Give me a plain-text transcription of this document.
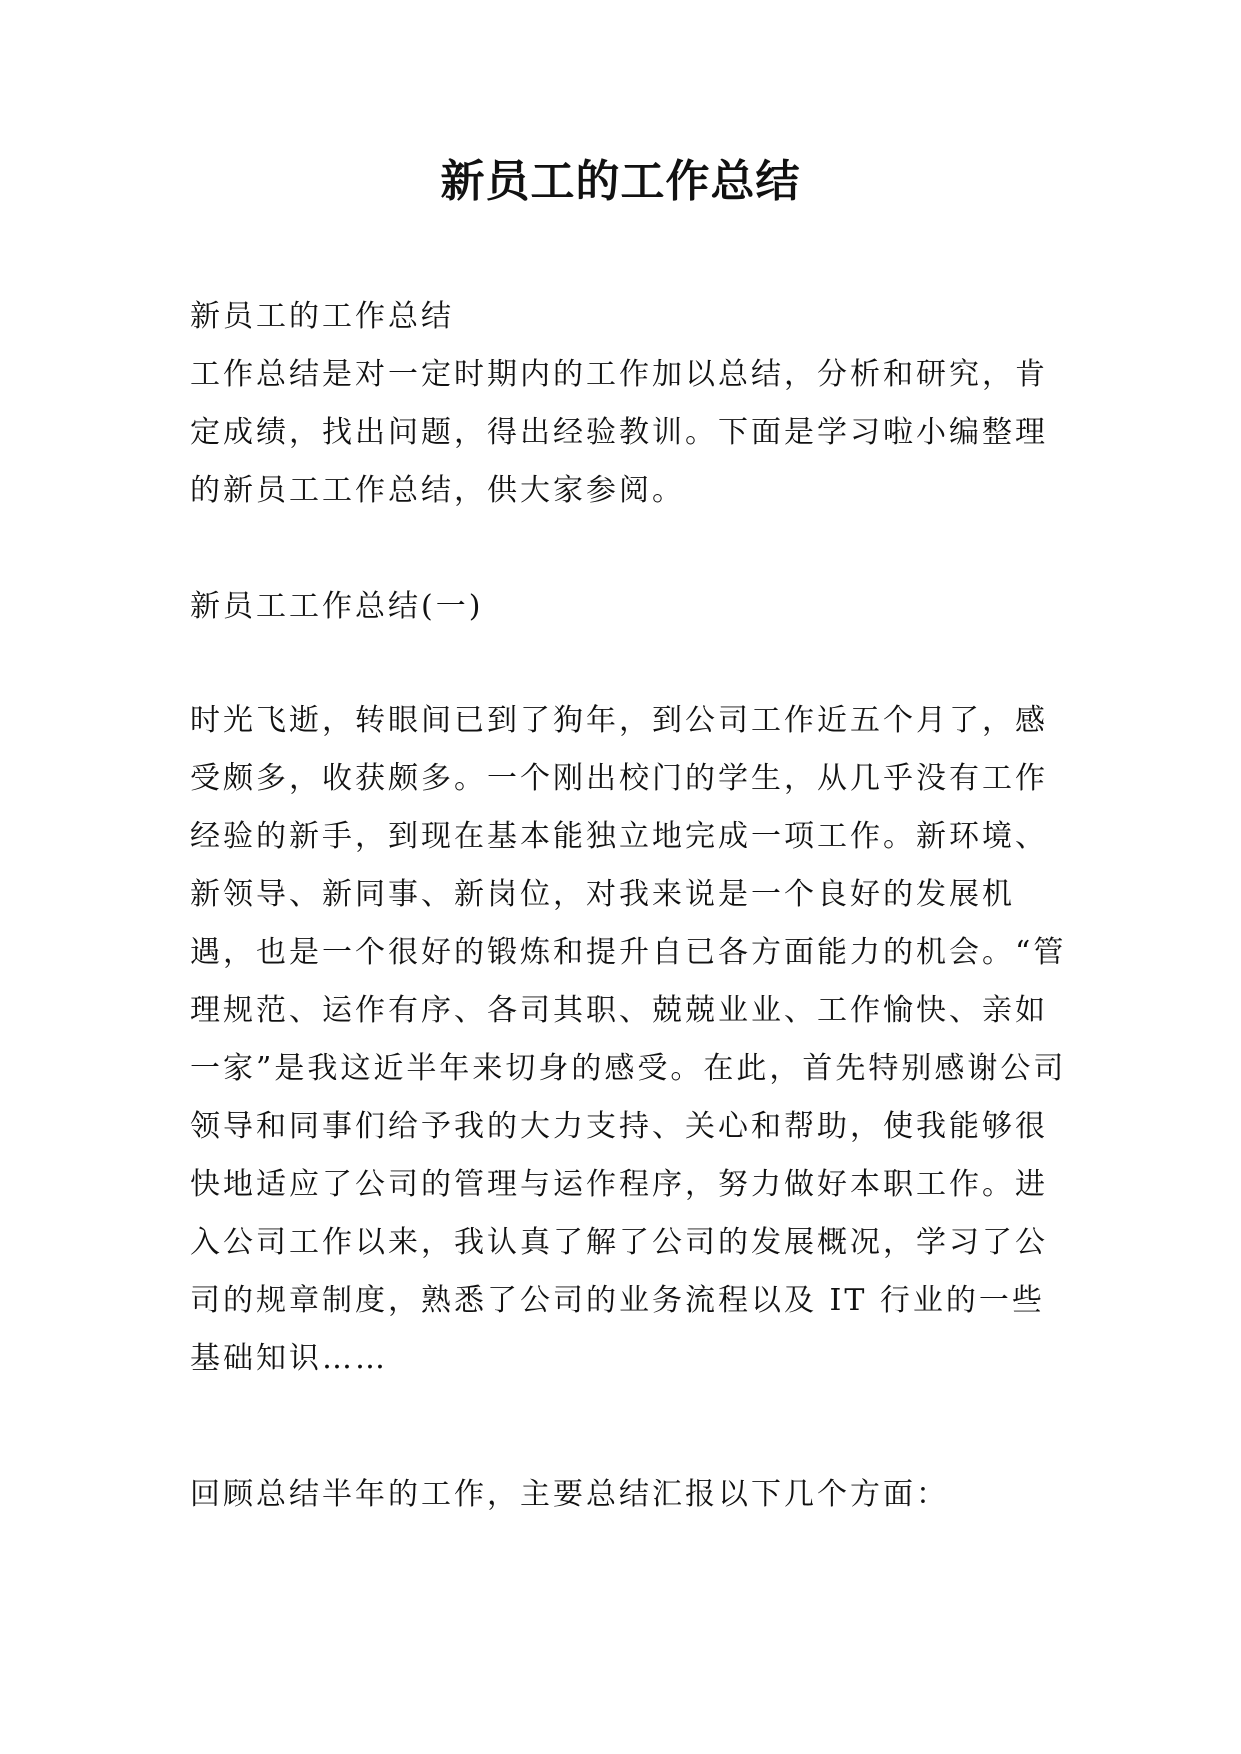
新员工的工作总结

新员工的工作总结

工作总结是对一定时期内的工作加以总结，分析和研究，肯定成绩，找出问题，得出经验教训。下面是学习啦小编整理的新员工工作总结，供大家参阅。

新员工工作总结(一)

时光飞逝，转眼间已到了狗年，到公司工作近五个月了，感受颇多，收获颇多。一个刚出校门的学生，从几乎没有工作经验的新手，到现在基本能独立地完成一项工作。新环境、新领导、新同事、新岗位，对我来说是一个良好的发展机遇，也是一个很好的锻炼和提升自已各方面能力的机会。“管理规范、运作有序、各司其职、兢兢业业、工作愉快、亲如一家”是我这近半年来切身的感受。在此，首先特别感谢公司领导和同事们给予我的大力支持、关心和帮助，使我能够很快地适应了公司的管理与运作程序，努力做好本职工作。进入公司工作以来，我认真了解了公司的发展概况，学习了公司的规章制度，熟悉了公司的业务流程以及 IT 行业的一些基础知识……

回顾总结半年的工作，主要总结汇报以下几个方面：
